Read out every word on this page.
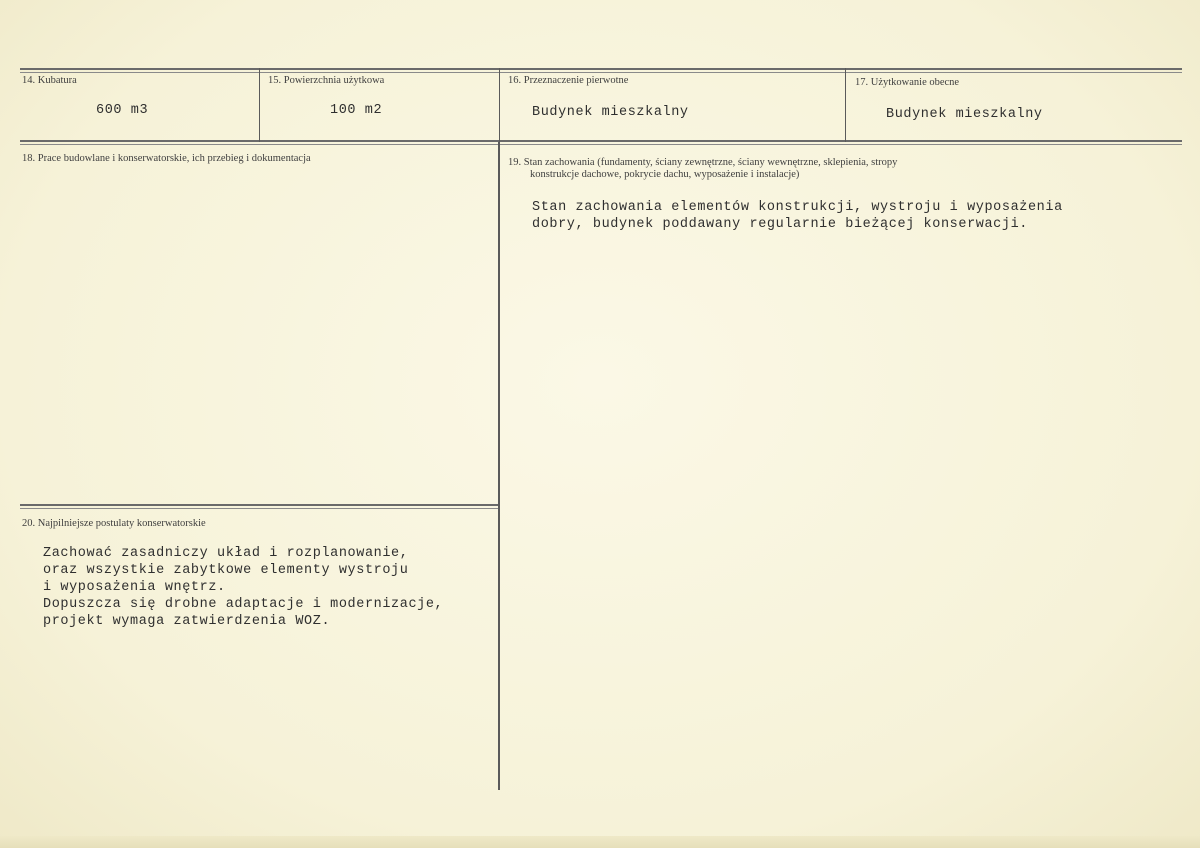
14. Kubatura
600 m3
15. Powierzchnia użytkowa
100 m2
16. Przeznaczenie pierwotne
Budynek mieszkalny
17. Użytkowanie obecne
Budynek mieszkalny
18. Prace budowlane i konserwatorskie, ich przebieg i dokumentacja	19. Stan zachowania (fundamenty, ściany zewnętrzne, ściany wewnętrzne, sklepienia, stropy
konstrukcje dachowe, pokrycie dachu, wyposażenie i instalacje)
Stan zachowania elementów konstrukcji, wystroju i wyposażenia
dobry, budynek poddawany regularnie bieżącej konserwacji.
20. Najpilniejsze postulaty konserwatorskie
Zachować zasadniczy układ i rozplanowanie,
oraz wszystkie zabytkowe elementy wystroju
i wyposażenia wnętrz.
Dopuszcza się drobne adaptacje i modernizacje,
projekt wymaga zatwierdzenia WOZ.
